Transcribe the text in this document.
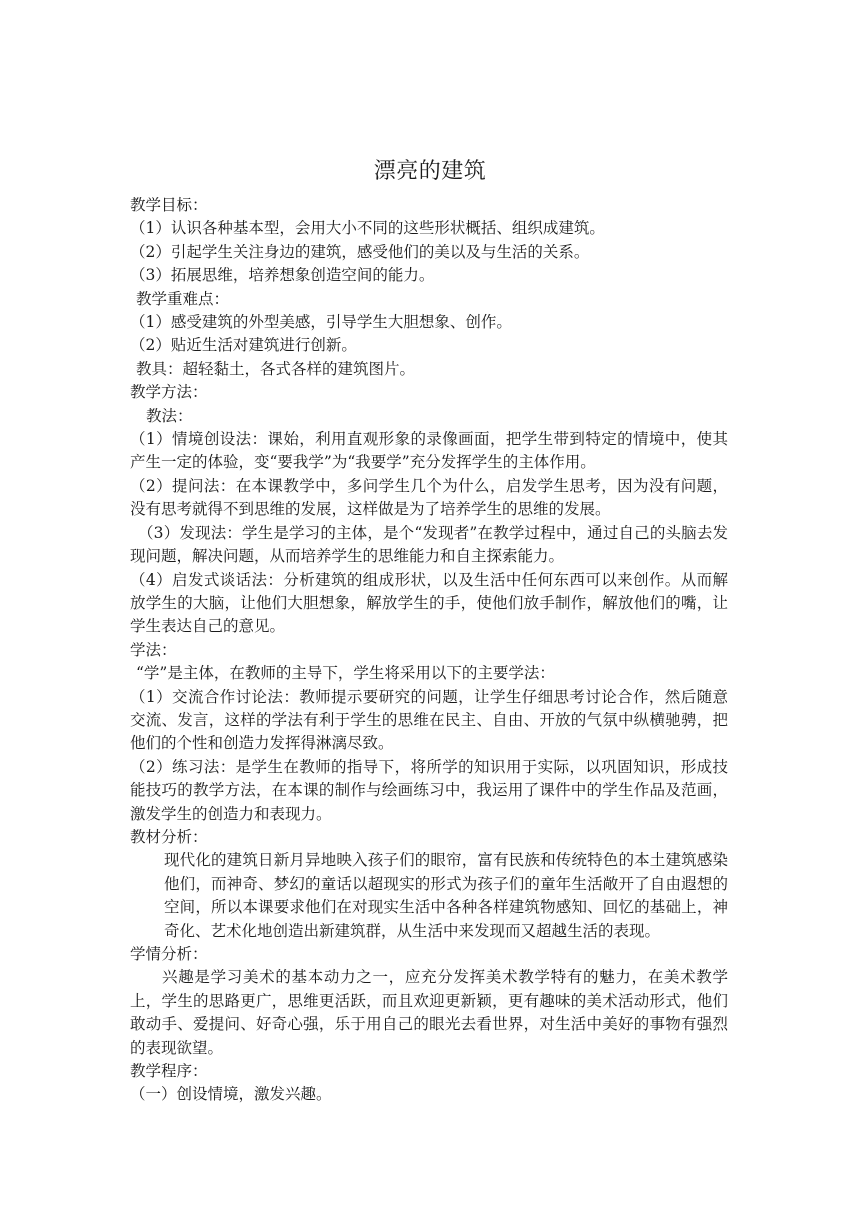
漂亮的建筑

教学目标：

（1）认识各种基本型，会用大小不同的这些形状概括、组织成建筑。

（2）引起学生关注身边的建筑，感受他们的美以及与生活的关系。

（3）拓展思维，培养想象创造空间的能力。

教学重难点：

（1）感受建筑的外型美感，引导学生大胆想象、创作。

（2）贴近生活对建筑进行创新。

教具：超轻黏土，各式各样的建筑图片。

教学方法：

教法：

（1）情境创设法：课始，利用直观形象的录像画面，把学生带到特定的情境中，使其产生一定的体验，变“要我学”为“我要学”充分发挥学生的主体作用。

（2）提问法：在本课教学中，多问学生几个为什么，启发学生思考，因为没有问题，没有思考就得不到思维的发展，这样做是为了培养学生的思维的发展。

（3）发现法：学生是学习的主体，是个“发现者”在教学过程中，通过自己的头脑去发现问题，解决问题，从而培养学生的思维能力和自主探索能力。

（4）启发式谈话法：分析建筑的组成形状，以及生活中任何东西可以来创作。从而解放学生的大脑，让他们大胆想象，解放学生的手，使他们放手制作，解放他们的嘴，让学生表达自己的意见。

学法：

“学”是主体，在教师的主导下，学生将采用以下的主要学法：

（1）交流合作讨论法：教师提示要研究的问题，让学生仔细思考讨论合作，然后随意交流、发言，这样的学法有利于学生的思维在民主、自由、开放的气氛中纵横驰骋，把他们的个性和创造力发挥得淋漓尽致。

（2）练习法：是学生在教师的指导下，将所学的知识用于实际，以巩固知识，形成技能技巧的教学方法，在本课的制作与绘画练习中，我运用了课件中的学生作品及范画，激发学生的创造力和表现力。

教材分析：

现代化的建筑日新月异地映入孩子们的眼帘，富有民族和传统特色的本土建筑感染他们，而神奇、梦幻的童话以超现实的形式为孩子们的童年生活敞开了自由遐想的空间，所以本课要求他们在对现实生活中各种各样建筑物感知、回忆的基础上，神奇化、艺术化地创造出新建筑群，从生活中来发现而又超越生活的表现。

学情分析：

兴趣是学习美术的基本动力之一，应充分发挥美术教学特有的魅力，在美术教学上，学生的思路更广，思维更活跃，而且欢迎更新颖，更有趣味的美术活动形式，他们敢动手、爱提问、好奇心强，乐于用自己的眼光去看世界，对生活中美好的事物有强烈的表现欲望。

教学程序：

（一）创设情境，激发兴趣。
